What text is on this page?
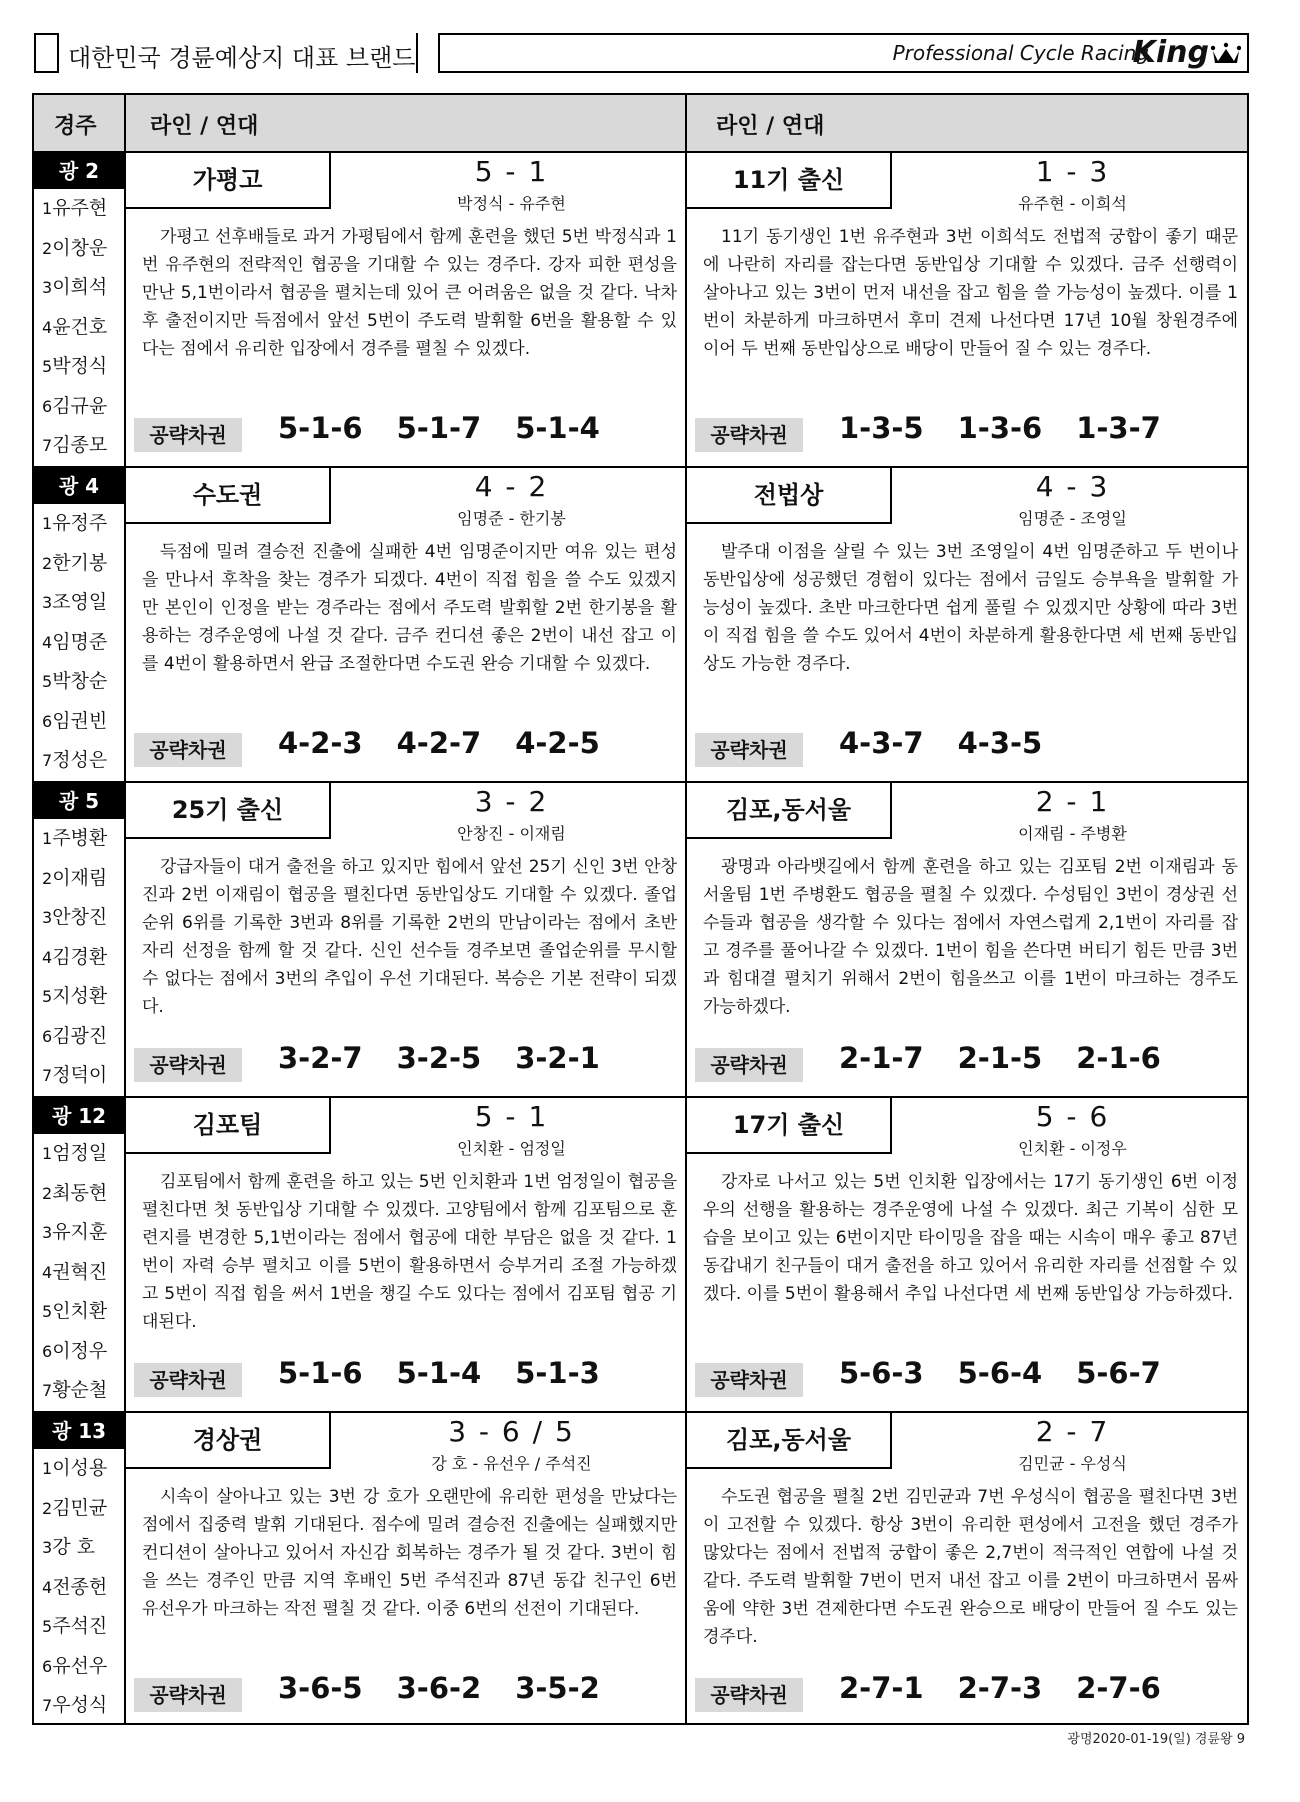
대한민국 경륜예상지 대표 브랜드	Professional Cycle Racing
King
경주 라인 / 연대	라인 / 연대
광 2
1유주현
2이창운
3이희석
4윤건호
5박정식
6김규윤
7김종모
가평고	5 - 1
박정식 - 유주현
가평고 선후배들로 과거 가평팀에서 함께 훈련을 했던 5번 박정식과 1번 유주현의 전략적인 협공을 기대할 수 있는 경주다. 강자 피한 편성을 만난 5,1번이라서 협공을 펼치는데 있어 큰 어려움은 없을 것 같다. 낙차후 출전이지만 득점에서 앞선 5번이 주도력 발휘할 6번을 활용할 수 있다는 점에서 유리한 입장에서 경주를 펼칠 수 있겠다.
공략차권	5-1-6 5-1-7 5-1-4
11기 출신	1 - 3
유주현 - 이희석
11기 동기생인 1번 유주현과 3번 이희석도 전법적 궁합이 좋기 때문에 나란히 자리를 잡는다면 동반입상 기대할 수 있겠다. 금주 선행력이 살아나고 있는 3번이 먼저 내선을 잡고 힘을 쓸 가능성이 높겠다. 이를 1번이 차분하게 마크하면서 후미 견제 나선다면 17년 10월 창원경주에 이어 두 번째 동반입상으로 배당이 만들어 질 수 있는 경주다.
공략차권	1-3-5 1-3-6 1-3-7
광 4
1유정주
2한기봉
3조영일
4임명준
5박창순
6임권빈
7정성은
수도권	4 - 2
임명준 - 한기봉
득점에 밀려 결승전 진출에 실패한 4번 임명준이지만 여유 있는 편성을 만나서 후착을 찾는 경주가 되겠다. 4번이 직접 힘을 쓸 수도 있겠지만 본인이 인정을 받는 경주라는 점에서 주도력 발휘할 2번 한기봉을 활용하는 경주운영에 나설 것 같다. 금주 컨디션 좋은 2번이 내선 잡고 이를 4번이 활용하면서 완급 조절한다면 수도권 완승 기대할 수 있겠다.
공략차권	4-2-3 4-2-7 4-2-5
전법상	4 - 3
임명준 - 조영일
발주대 이점을 살릴 수 있는 3번 조영일이 4번 임명준하고 두 번이나 동반입상에 성공했던 경험이 있다는 점에서 금일도 승부욕을 발휘할 가능성이 높겠다. 초반 마크한다면 쉽게 풀릴 수 있겠지만 상황에 따라 3번이 직접 힘을 쓸 수도 있어서 4번이 차분하게 활용한다면 세 번째 동반입상도 가능한 경주다.
공략차권	4-3-7 4-3-5
광 5
1주병환
2이재림
3안창진
4김경환
5지성환
6김광진
7정덕이
25기 출신	3 - 2
안창진 - 이재림
강급자들이 대거 출전을 하고 있지만 힘에서 앞선 25기 신인 3번 안창진과 2번 이재림이 협공을 펼친다면 동반입상도 기대할 수 있겠다. 졸업순위 6위를 기록한 3번과 8위를 기록한 2번의 만남이라는 점에서 초반 자리 선정을 함께 할 것 같다. 신인 선수들 경주보면 졸업순위를 무시할 수 없다는 점에서 3번의 추입이 우선 기대된다. 복승은 기본 전략이 되겠다.
공략차권	3-2-7 3-2-5 3-2-1
김포,동서울	2 - 1
이재림 - 주병환
광명과 아라뱃길에서 함께 훈련을 하고 있는 김포팀 2번 이재림과 동서울팀 1번 주병환도 협공을 펼칠 수 있겠다. 수성팀인 3번이 경상권 선수들과 협공을 생각할 수 있다는 점에서 자연스럽게 2,1번이 자리를 잡고 경주를 풀어나갈 수 있겠다. 1번이 힘을 쓴다면 버티기 힘든 만큼 3번과 힘대결 펼치기 위해서 2번이 힘을쓰고 이를 1번이 마크하는 경주도 가능하겠다.
공략차권	2-1-7 2-1-5 2-1-6
광 12
1엄정일
2최동현
3유지훈
4권혁진
5인치환
6이정우
7황순철
김포팀	5 - 1
인치환 - 엄정일
김포팀에서 함께 훈련을 하고 있는 5번 인치환과 1번 엄정일이 협공을 펼친다면 첫 동반입상 기대할 수 있겠다. 고양팀에서 함께 김포팀으로 훈련지를 변경한 5,1번이라는 점에서 협공에 대한 부담은 없을 것 같다. 1번이 자력 승부 펼치고 이를 5번이 활용하면서 승부거리 조절 가능하겠고 5번이 직접 힘을 써서 1번을 챙길 수도 있다는 점에서 김포팀 협공 기대된다.
공략차권	5-1-6 5-1-4 5-1-3
17기 출신	5 - 6
인치환 - 이정우
강자로 나서고 있는 5번 인치환 입장에서는 17기 동기생인 6번 이정우의 선행을 활용하는 경주운영에 나설 수 있겠다. 최근 기복이 심한 모습을 보이고 있는 6번이지만 타이밍을 잡을 때는 시속이 매우 좋고 87년 동갑내기 친구들이 대거 출전을 하고 있어서 유리한 자리를 선점할 수 있겠다. 이를 5번이 활용해서 추입 나선다면 세 번째 동반입상 가능하겠다.
공략차권	5-6-3 5-6-4 5-6-7
광 13
1이성용
2김민균
3강 호
4전종헌
5주석진
6유선우
7우성식
경상권	3 - 6 / 5
강 호 - 유선우 / 주석진
시속이 살아나고 있는 3번 강 호가 오랜만에 유리한 편성을 만났다는 점에서 집중력 발휘 기대된다. 점수에 밀려 결승전 진출에는 실패했지만 컨디션이 살아나고 있어서 자신감 회복하는 경주가 될 것 같다. 3번이 힘을 쓰는 경주인 만큼 지역 후배인 5번 주석진과 87년 동갑 친구인 6번 유선우가 마크하는 작전 펼칠 것 같다. 이중 6번의 선전이 기대된다.
공략차권	3-6-5 3-6-2 3-5-2
김포,동서울	2 - 7
김민균 - 우성식
수도권 협공을 펼칠 2번 김민균과 7번 우성식이 협공을 펼친다면 3번이 고전할 수 있겠다. 항상 3번이 유리한 편성에서 고전을 했던 경주가 많았다는 점에서 전법적 궁합이 좋은 2,7번이 적극적인 연합에 나설 것 같다. 주도력 발휘할 7번이 먼저 내선 잡고 이를 2번이 마크하면서 몸싸움에 약한 3번 견제한다면 수도권 완승으로 배당이 만들어 질 수도 있는 경주다.
공략차권	2-7-1 2-7-3 2-7-6
광명2020-01-19(일) 경륜왕 9
